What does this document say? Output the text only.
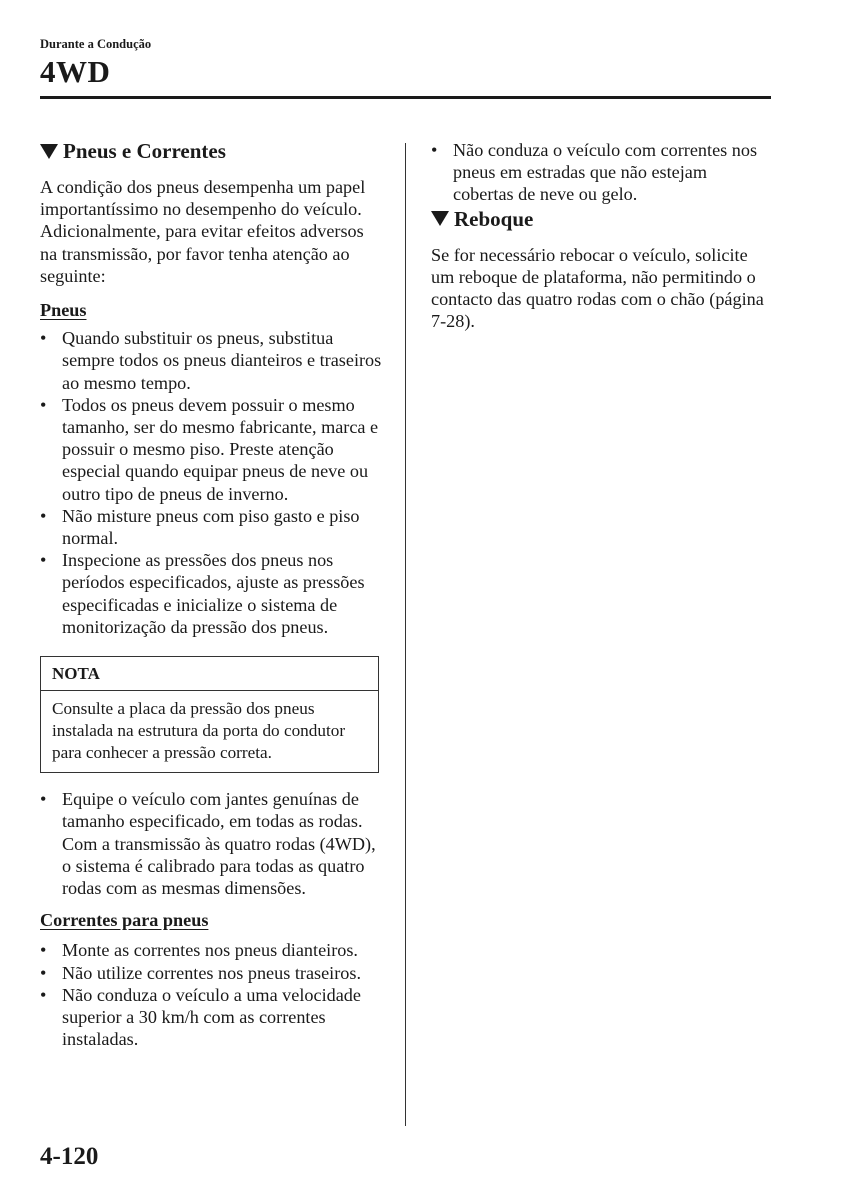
Durante a Condução
4WD
Pneus e Correntes

A condição dos pneus desempenha um papel importantíssimo no desempenho do veículo. Adicionalmente, para evitar efeitos adversos na transmissão, por favor tenha atenção ao seguinte:

Pneus

• Quando substituir os pneus, substitua sempre todos os pneus dianteiros e traseiros ao mesmo tempo.
• Todos os pneus devem possuir o mesmo tamanho, ser do mesmo fabricante, marca e possuir o mesmo piso. Preste atenção especial quando equipar pneus de neve ou outro tipo de pneus de inverno.
• Não misture pneus com piso gasto e piso normal.
• Inspecione as pressões dos pneus nos períodos especificados, ajuste as pressões especificadas e inicialize o sistema de monitorização da pressão dos pneus.
NOTA
Consulte a placa da pressão dos pneus instalada na estrutura da porta do condutor para conhecer a pressão correta.
• Equipe o veículo com jantes genuínas de tamanho especificado, em todas as rodas. Com a transmissão às quatro rodas (4WD), o sistema é calibrado para todas as quatro rodas com as mesmas dimensões.

Correntes para pneus

• Monte as correntes nos pneus dianteiros.
• Não utilize correntes nos pneus traseiros.
• Não conduza o veículo a uma velocidade superior a 30 km/h com as correntes instaladas.
• Não conduza o veículo com correntes nos pneus em estradas que não estejam cobertas de neve ou gelo.
Reboque

Se for necessário rebocar o veículo, solicite um reboque de plataforma, não permitindo o contacto das quatro rodas com o chão (página 7-28).

4-120
